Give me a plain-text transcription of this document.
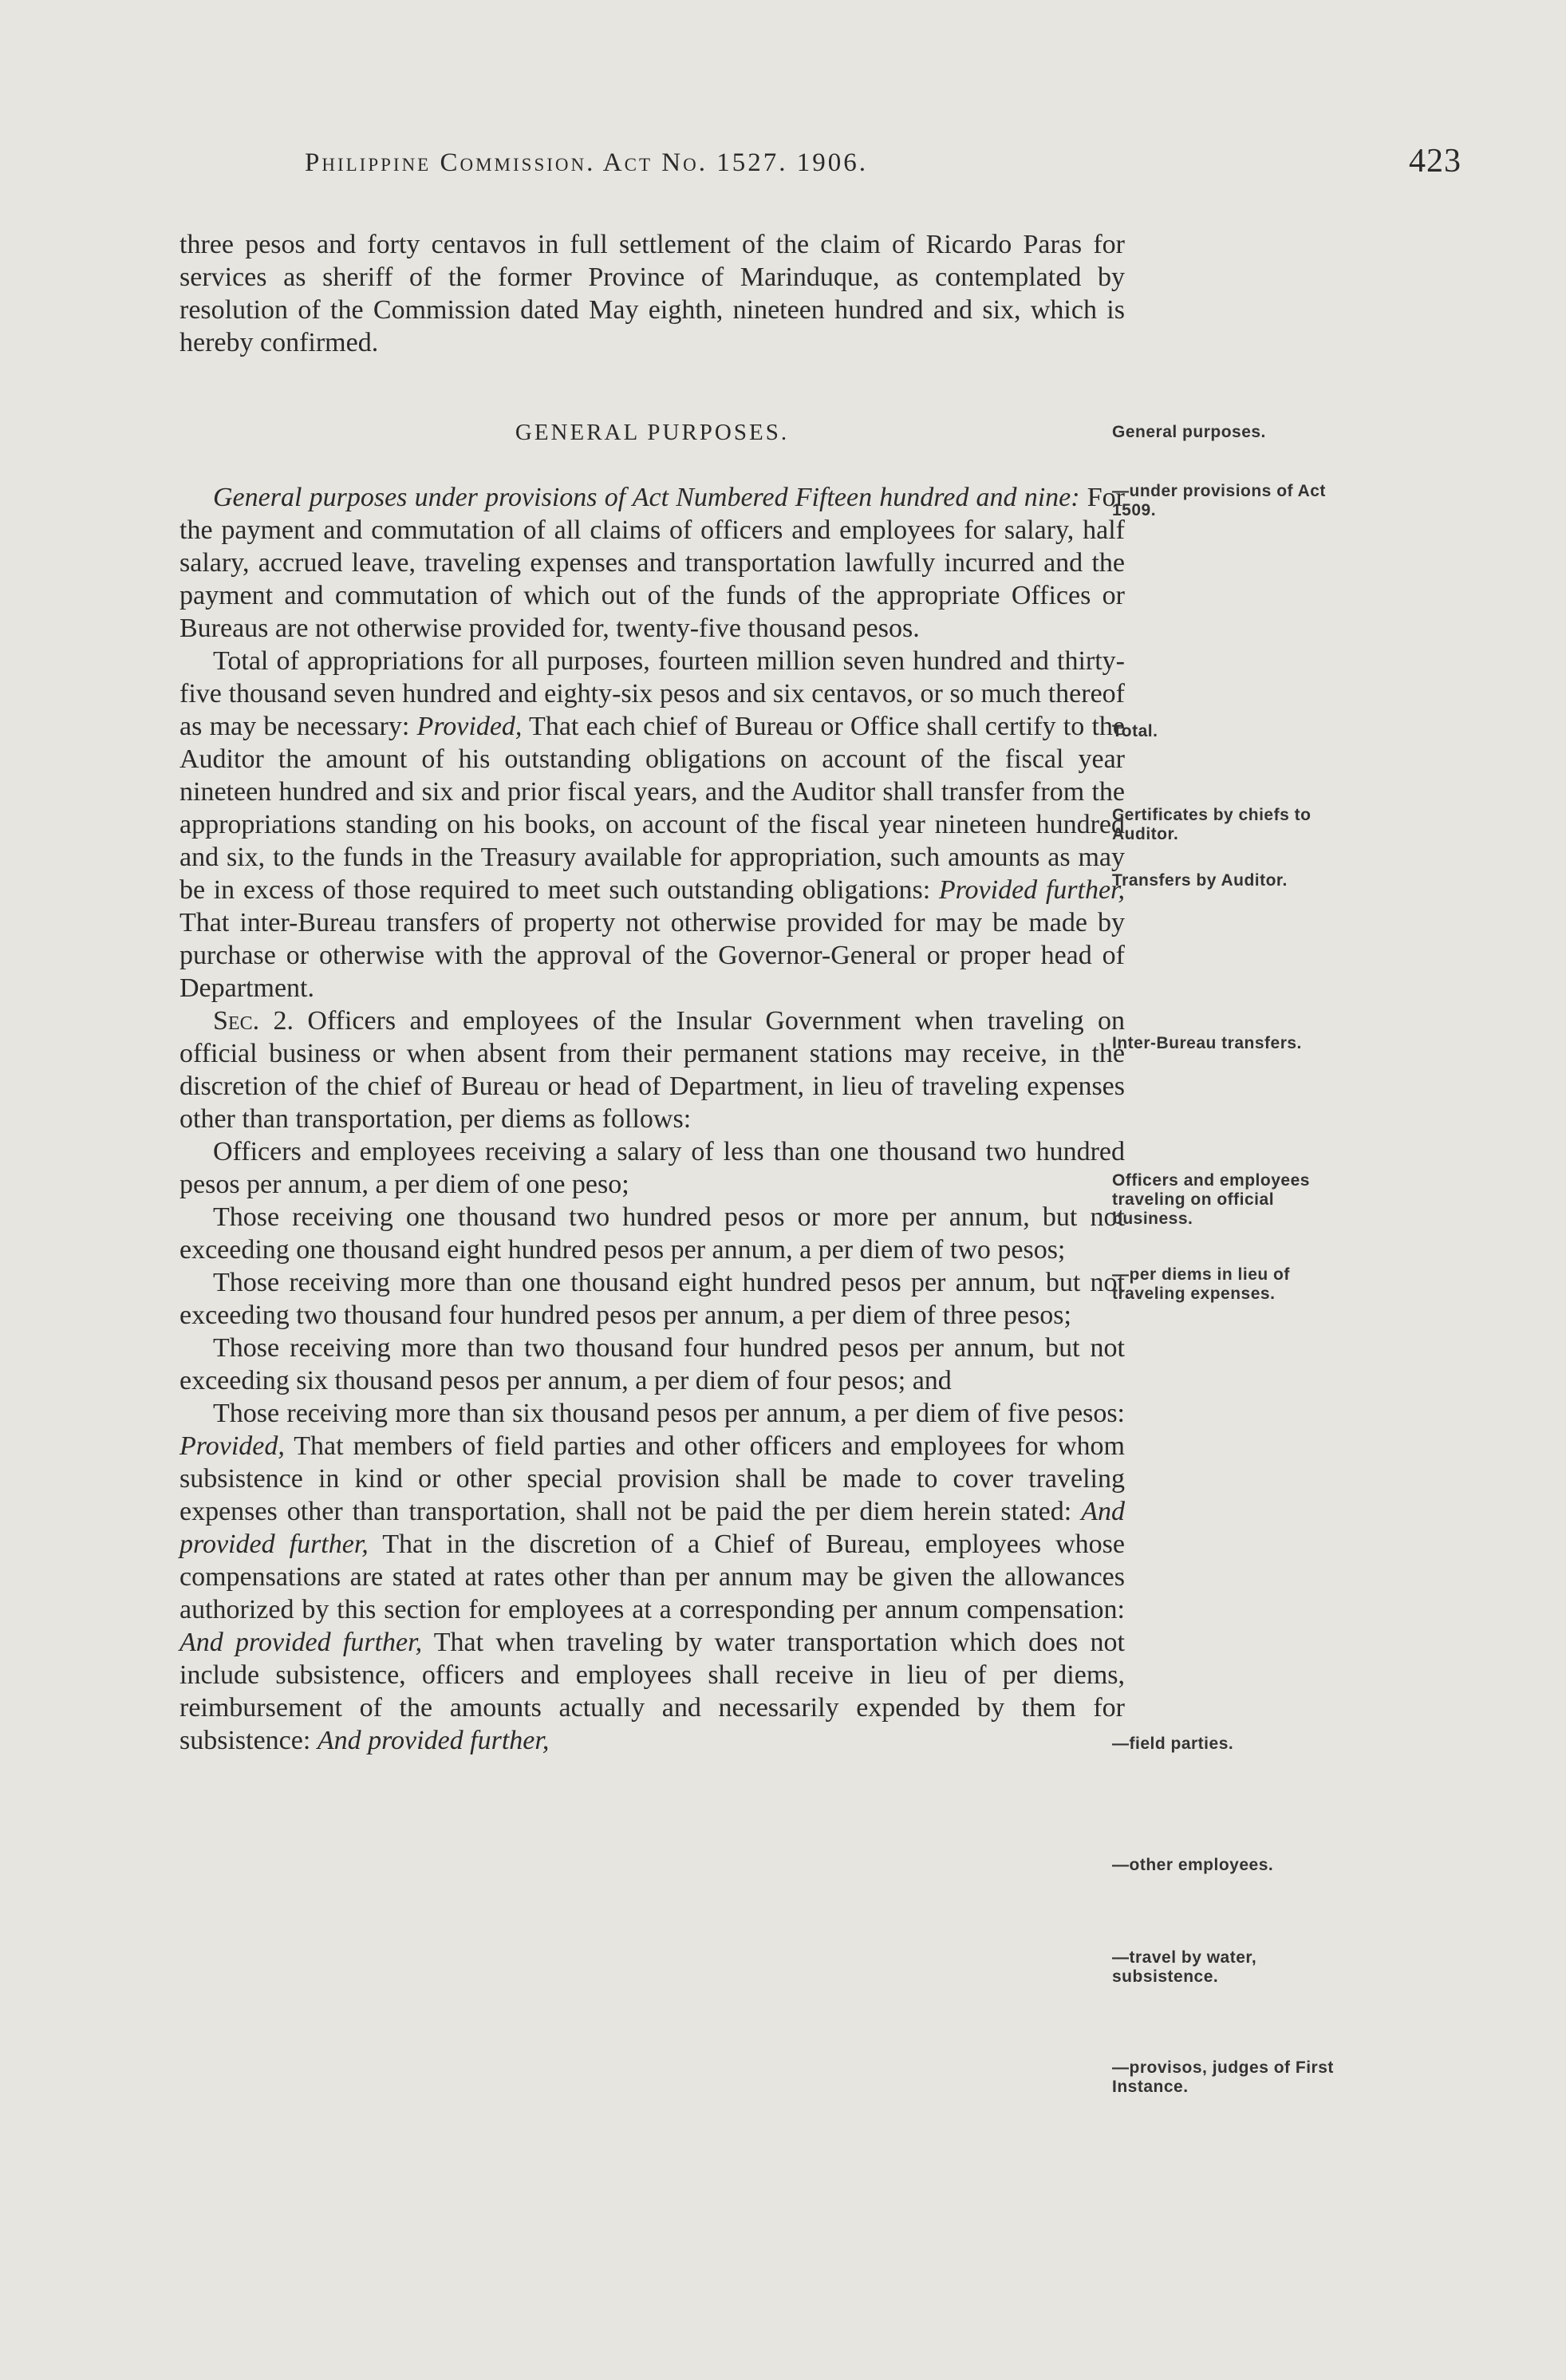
Philippine Commission. Act No. 1527. 1906.	423

three pesos and forty centavos in full settlement of the claim of Ricardo Paras for services as sheriff of the former Province of Marinduque, as contemplated by resolution of the Commission dated May eighth, nineteen hundred and six, which is hereby confirmed.

GENERAL PURPOSES.

General purposes under provisions of Act Numbered Fifteen hundred and nine: For the payment and commutation of all claims of officers and employees for salary, half salary, accrued leave, traveling expenses and transportation lawfully incurred and the payment and commutation of which out of the funds of the appropriate Offices or Bureaus are not otherwise provided for, twenty-five thousand pesos.

Total of appropriations for all purposes, fourteen million seven hundred and thirty-five thousand seven hundred and eighty-six pesos and six centavos, or so much thereof as may be necessary: Provided, That each chief of Bureau or Office shall certify to the Auditor the amount of his outstanding obligations on account of the fiscal year nineteen hundred and six and prior fiscal years, and the Auditor shall transfer from the appropriations standing on his books, on account of the fiscal year nineteen hundred and six, to the funds in the Treasury available for appropriation, such amounts as may be in excess of those required to meet such outstanding obligations: Provided further, That inter-Bureau transfers of property not otherwise provided for may be made by purchase or otherwise with the approval of the Governor-General or proper head of Department.

Sec. 2. Officers and employees of the Insular Government when traveling on official business or when absent from their permanent stations may receive, in the discretion of the chief of Bureau or head of Department, in lieu of traveling expenses other than transportation, per diems as follows:

Officers and employees receiving a salary of less than one thousand two hundred pesos per annum, a per diem of one peso;

Those receiving one thousand two hundred pesos or more per annum, but not exceeding one thousand eight hundred pesos per annum, a per diem of two pesos;

Those receiving more than one thousand eight hundred pesos per annum, but not exceeding two thousand four hundred pesos per annum, a per diem of three pesos;

Those receiving more than two thousand four hundred pesos per annum, but not exceeding six thousand pesos per annum, a per diem of four pesos; and

Those receiving more than six thousand pesos per annum, a per diem of five pesos: Provided, That members of field parties and other officers and employees for whom subsistence in kind or other special provision shall be made to cover traveling expenses other than transportation, shall not be paid the per diem herein stated: And provided further, That in the discretion of a Chief of Bureau, employees whose compensations are stated at rates other than per annum may be given the allowances authorized by this section for employees at a corresponding per annum compensation: And provided further, That when traveling by water transportation which does not include subsistence, officers and employees shall receive in lieu of per diems, reimbursement of the amounts actually and necessarily expended by them for subsistence: And provided further,

General purposes.
—under provisions of Act 1509.
Total.
Certificates by chiefs to Auditor.
Transfers by Auditor.
Inter-Bureau transfers.
Officers and employees traveling on official business.
—per diems in lieu of traveling expenses.
—field parties.
—other employees.
—travel by water, subsistence.
—provisos, judges of First Instance.
